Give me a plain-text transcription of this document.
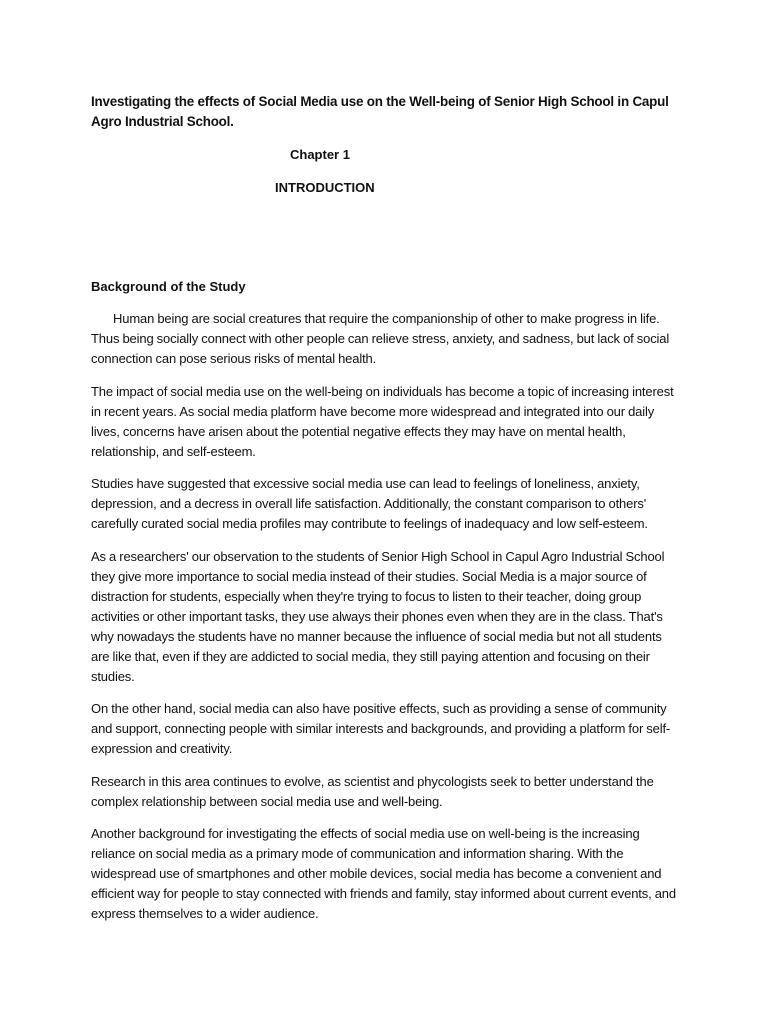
Investigating the effects of Social Media use on the Well-being of Senior High School in Capul Agro Industrial School.
Chapter 1
INTRODUCTION
Background of the Study

Human being are social creatures that require the companionship of other to make progress in life. Thus being socially connect with other people can relieve stress, anxiety, and sadness, but lack of social connection can pose serious risks of mental health.

The impact of social media use on the well-being on individuals has become a topic of increasing interest in recent years. As social media platform have become more widespread and integrated into our daily lives, concerns have arisen about the potential negative effects they may have on mental health, relationship, and self-esteem.

Studies have suggested that excessive social media use can lead to feelings of loneliness, anxiety, depression, and a decress in overall life satisfaction. Additionally, the constant comparison to others' carefully curated social media profiles may contribute to feelings of inadequacy and low self-esteem.

As a researchers' our observation to the students of Senior High School in Capul Agro Industrial School they give more importance to social media instead of their studies. Social Media is a major source of distraction for students, especially when they're trying to focus to listen to their teacher, doing group activities or other important tasks, they use always their phones even when they are in the class. That's why nowadays the students have no manner because the influence of social media but not all students are like that, even if they are addicted to social media, they still paying attention and focusing on their studies.

On the other hand, social media can also have positive effects, such as providing a sense of community and support, connecting people with similar interests and backgrounds, and providing a platform for self-expression and creativity.

Research in this area continues to evolve, as scientist and phycologists seek to better understand the complex relationship between social media use and well-being.

Another background for investigating the effects of social media use on well-being is the increasing reliance on social media as a primary mode of communication and information sharing. With the widespread use of smartphones and other mobile devices, social media has become a convenient and efficient way for people to stay connected with friends and family, stay informed about current events, and express themselves to a wider audience.
